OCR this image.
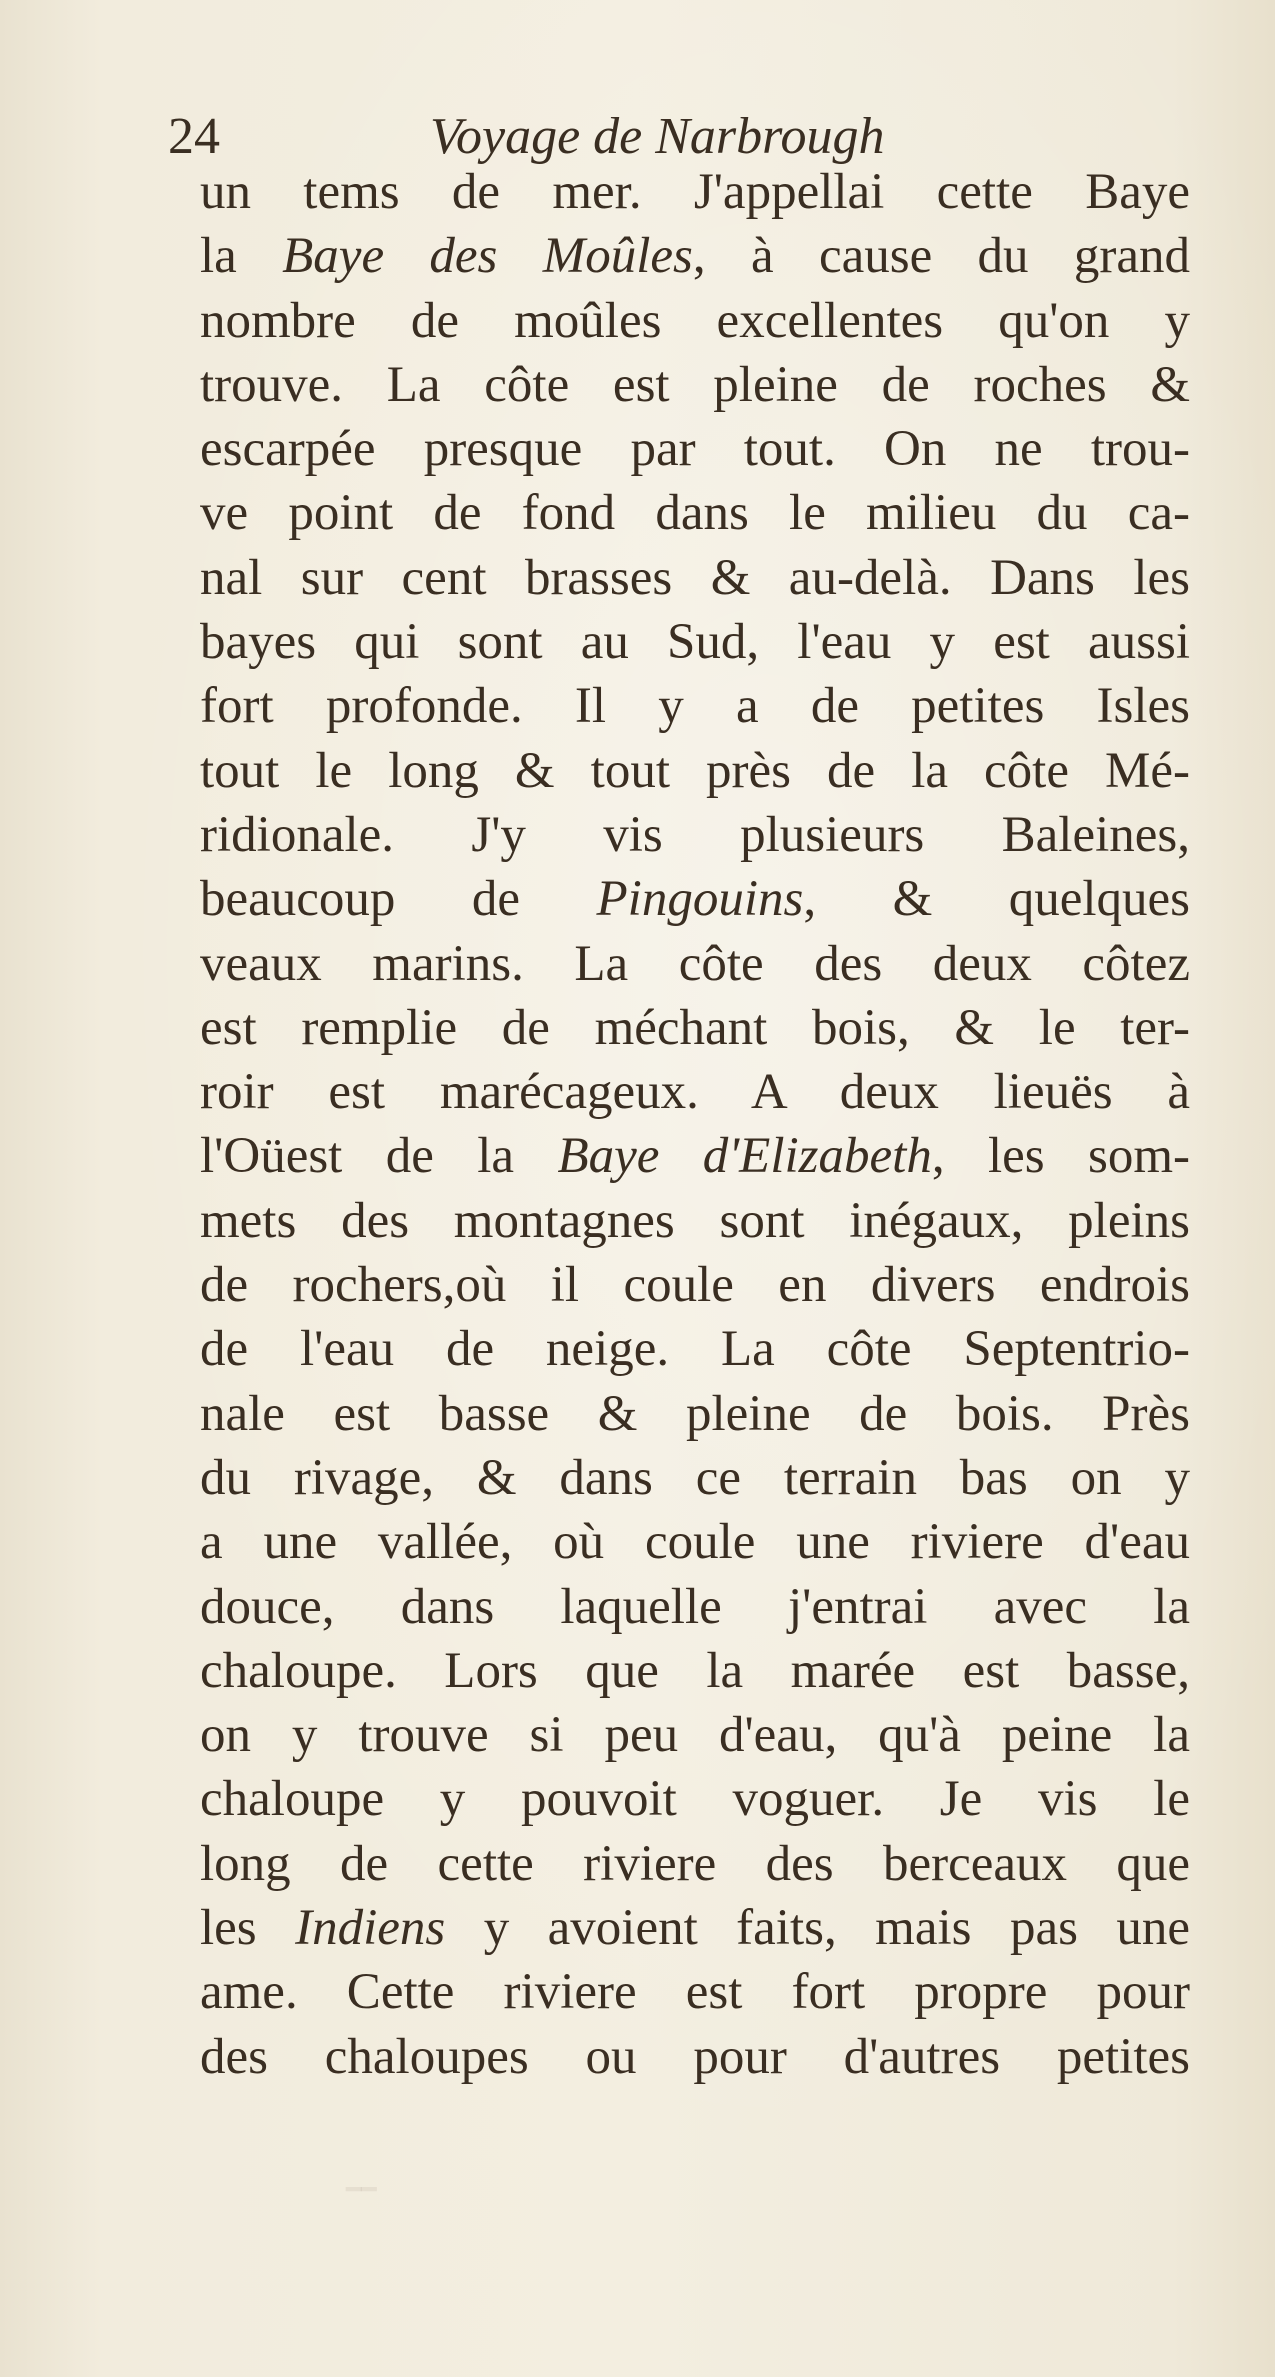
24	Voyage de Narbrough
un tems de mer. J'appellai cette Baye
la Baye des Moûles, à cause du grand
nombre de moûles excellentes qu'on y
trouve. La côte est pleine de roches &
escarpée presque par tout. On ne trou-
ve point de fond dans le milieu du ca-
nal sur cent brasses & au-delà. Dans les
bayes qui sont au Sud, l'eau y est aussi
fort profonde. Il y a de petites Isles
tout le long & tout près de la côte Mé-
ridionale. J'y vis plusieurs Baleines,
beaucoup de Pingouins, & quelques
veaux marins. La côte des deux côtez
est remplie de méchant bois, & le ter-
roir est marécageux. A deux lieuës à
l'Oüest de la Baye d'Elizabeth, les som-
mets des montagnes sont inégaux, pleins
de rochers,où il coule en divers endrois
de l'eau de neige. La côte Septentrio-
nale est basse & pleine de bois. Près
du rivage, & dans ce terrain bas on y
a une vallée, où coule une riviere d'eau
douce, dans laquelle j'entrai avec la
chaloupe. Lors que la marée est basse,
on y trouve si peu d'eau, qu'à peine la
chaloupe y pouvoit voguer. Je vis le
long de cette riviere des berceaux que
les Indiens y avoient faits, mais pas une
ame. Cette riviere est fort propre pour
des chaloupes ou pour d'autres petites
╶╴
